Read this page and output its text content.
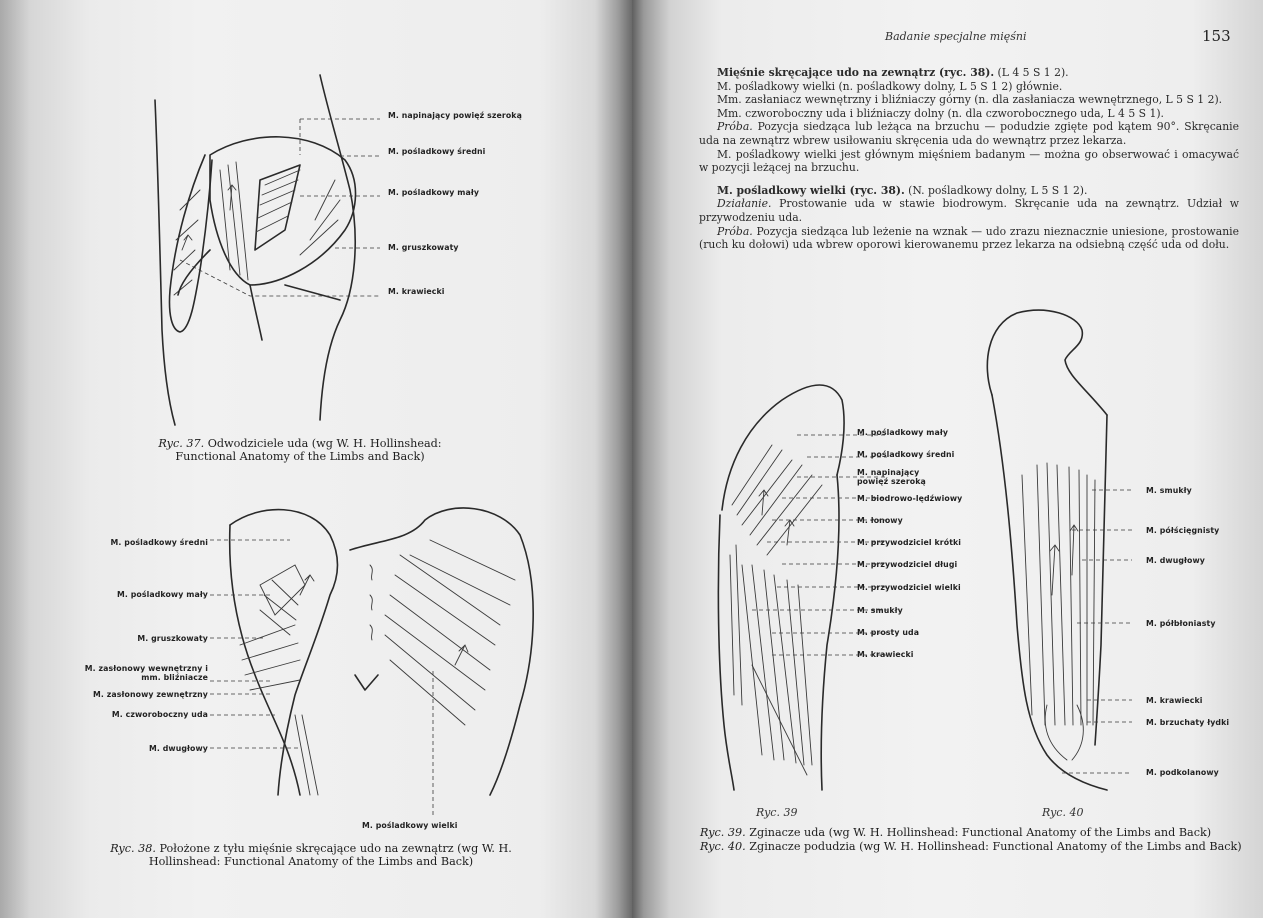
M. napinający powięź szeroką
M. pośladkowy średni
M. pośladkowy mały
M. gruszkowaty
M. krawiecki
Ryc. 37. Odwodziciele uda (wg W. H. Hollinshead: Functional Anatomy of the Limbs and Back)
M. pośladkowy średni
M. pośladkowy mały
M. gruszkowaty
M. zasłonowy wewnętrzny i mm. bliźniacze
M. zasłonowy zewnętrzny
M. czworoboczny uda
M. dwugłowy
M. pośladkowy wielki
Ryc. 38. Położone z tyłu mięśnie skręcające udo na zewnątrz (wg W. H. Hollinshead: Functional Anatomy of the Limbs and Back)
Badanie specjalne mięśni	153

Mięśnie skręcające udo na zewnątrz (ryc. 38). (L 4 5 S 1 2).

M. pośladkowy wielki (n. pośladkowy dolny, L 5 S 1 2) głównie.

Mm. zasłaniacz wewnętrzny i bliźniaczy górny (n. dla zasłaniacza wewnętrznego, L 5 S 1 2).

Mm. czworoboczny uda i bliźniaczy dolny (n. dla czworobocznego uda, L 4 5 S 1).

Próba. Pozycja siedząca lub leżąca na brzuchu — podudzie zgięte pod kątem 90°. Skręcanie uda na zewnątrz wbrew usiłowaniu skręcenia uda do wewnątrz przez lekarza.

M. pośladkowy wielki jest głównym mięśniem badanym — można go obserwować i omacywać w pozycji leżącej na brzuchu.

M. pośladkowy wielki (ryc. 38). (N. pośladkowy dolny, L 5 S 1 2).

Działanie. Prostowanie uda w stawie biodrowym. Skręcanie uda na zewnątrz. Udział w przywodzeniu uda.

Próba. Pozycja siedząca lub leżenie na wznak — udo zrazu nieznacznie uniesione, prostowanie (ruch ku dołowi) uda wbrew oporowi kierowanemu przez lekarza na odsiebną część uda od dołu.

M. pośladkowy mały
M. pośladkowy średni
M. napinający powięź szeroką
M. biodrowo-lędźwiowy
M. łonowy
M. przywodziciel krótki
M. przywodziciel długi
M. przywodziciel wielki
M. smukły
M. prosty uda
M. krawiecki
M. smukły
M. półścięgnisty
M. dwugłowy
M. półbłoniasty
M. krawiecki
M. brzuchaty łydki
M. podkolanowy
Ryc. 39	Ryc. 40
Ryc. 39. Zginacze uda (wg W. H. Hollinshead: Functional Anatomy of the Limbs and Back)
Ryc. 40. Zginacze podudzia (wg W. H. Hollinshead: Functional Anatomy of the Limbs and Back)
